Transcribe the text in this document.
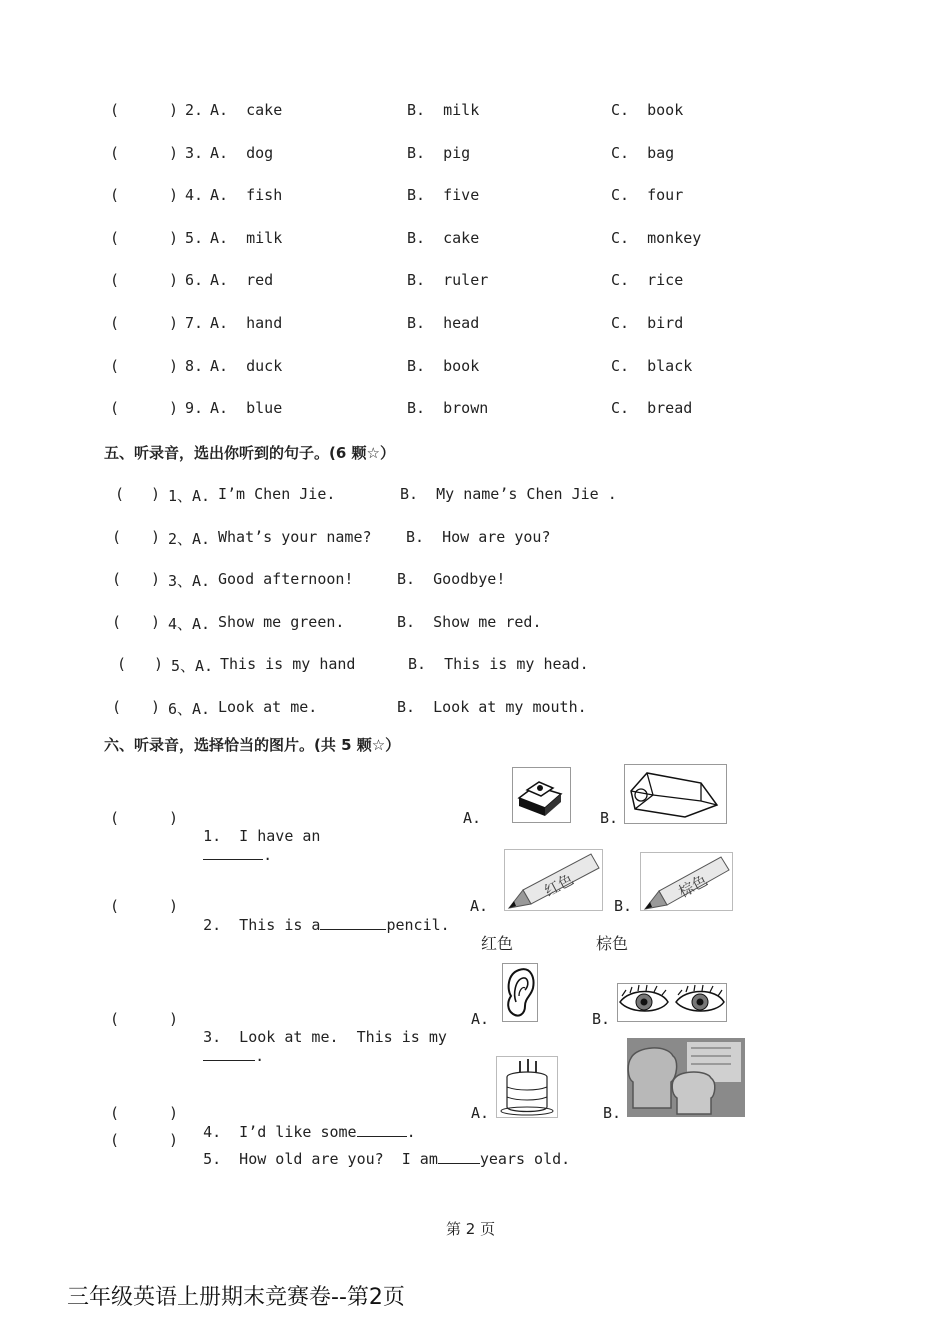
(	) 2. A.  cake	B.  milk	C.  book
(	) 3. A.  dog	B.  pig	C.  bag
(	) 4. A.  fish	B.  five	C.  four
(	) 5. A.  milk	B.  cake	C.  monkey
(	) 6. A.  red	B.  ruler	C.  rice
(	) 7. A.  hand	B.  head	C.  bird
(	) 8. A.  duck	B.  book	C.  black
(	) 9. A.  blue	B.  brown	C.  bread
五、听录音，选出你听到的句子。(6 颗☆）
( ) 1、A. I’m Chen Jie.	B.  My name’s Chen Jie .
( ) 2、A. What’s your name? B.  How are you?
( ) 3、A. Good afternoon!	B.  Goodbye!
( ) 4、A. Show me green.	B.  Show me red.
( ) 5、A. This is my hand	B.  This is my head.
( ) 6、A. Look at me.	B.  Look at my mouth.
六、听录音，选择恰当的图片。(共 5 颗☆）
(	)

1.  I have an
.

A.	B.
(	)

2.  This is a	pencil.

A.
红色
B.
棕色
红色	棕色
(	)

3.  Look at me.  This is my
.

A.	B.
(	)

4.  I’d like some	.

A.	B.
(	)

5.  How old are you?  I am	years old.

第 2 页
三年级英语上册期末竞赛卷--第2页
